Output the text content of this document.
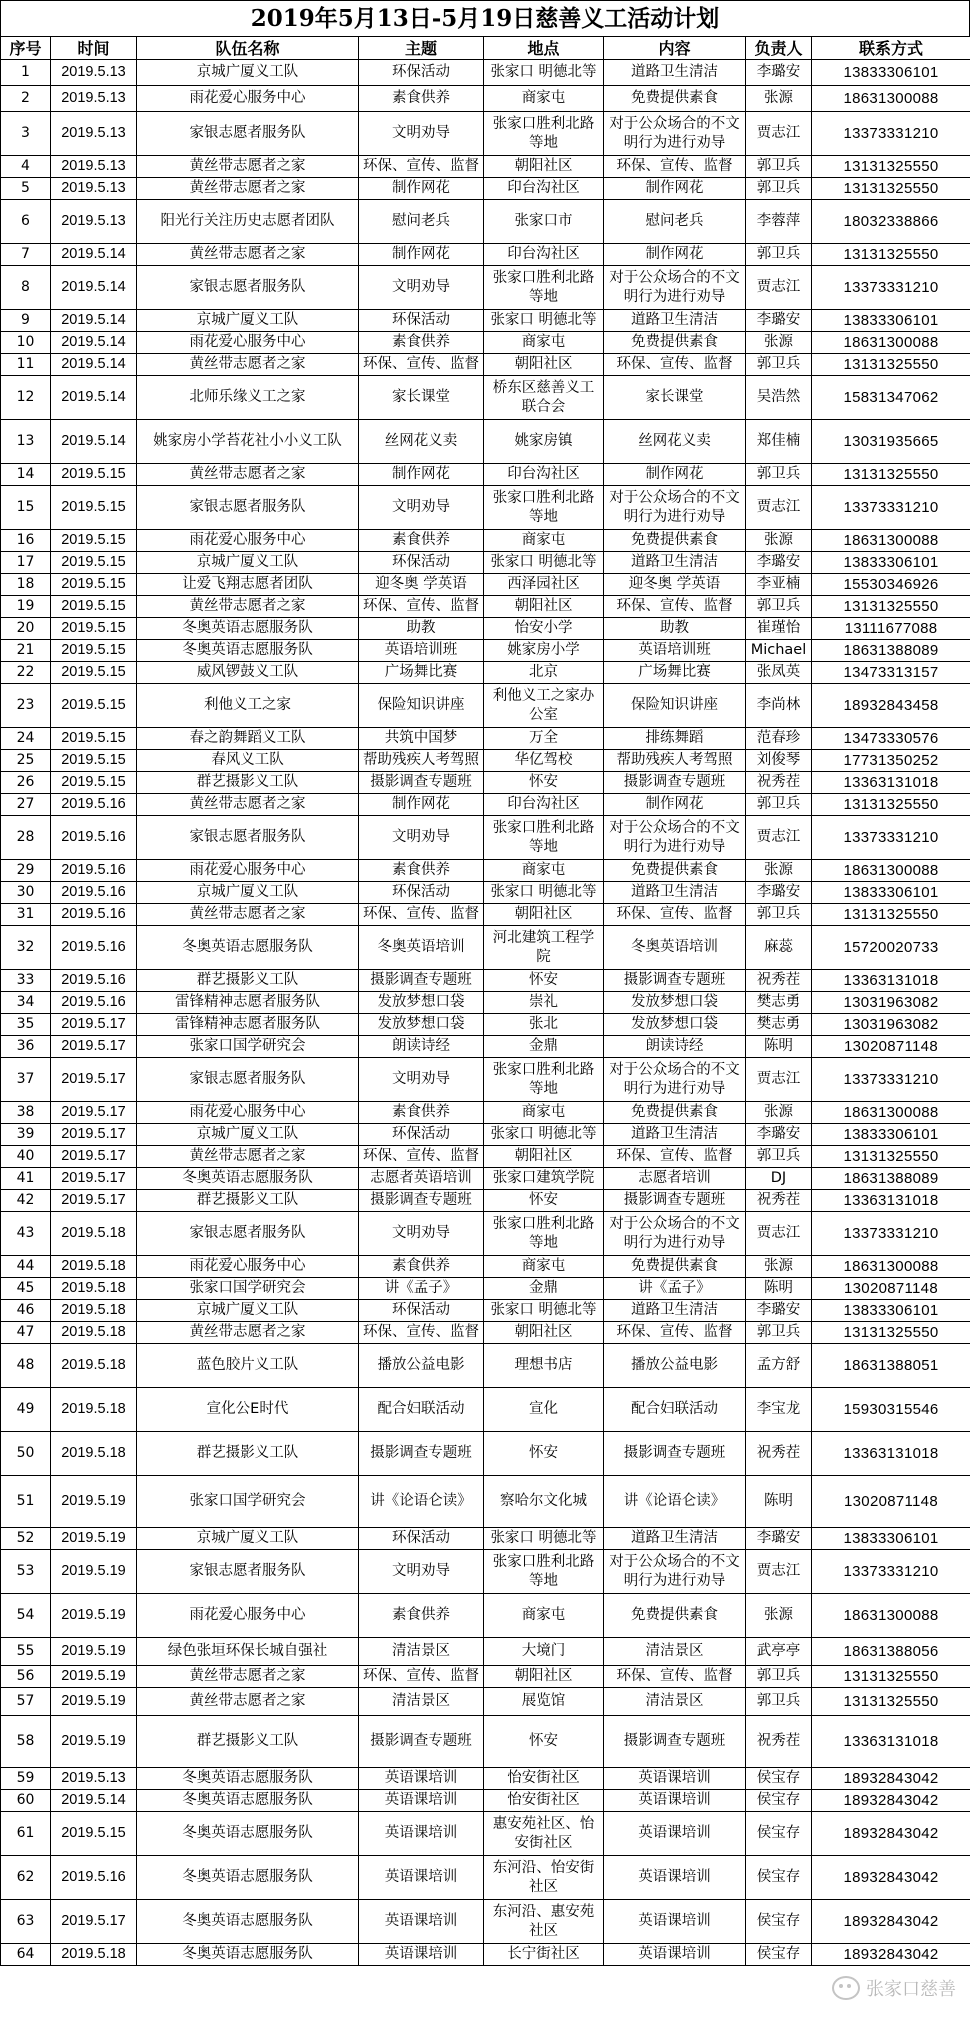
2019年5月13日-5月19日慈善义工活动计划
序号	时间	队伍名称	主题	地点	内容	负责人	联系方式
1	2019.5.13	京城广厦义工队	环保活动	张家口 明德北等	道路卫生清洁	李璐安	13833306101
2	2019.5.13	雨花爱心服务中心	素食供养	商家屯	免费提供素食	张源	18631300088
3	2019.5.13	家银志愿者服务队	文明劝导	张家口胜利北路等地	对于公众场合的不文明行为进行劝导	贾志江	13373331210
4	2019.5.13	黄丝带志愿者之家	环保、宣传、监督	朝阳社区	环保、宣传、监督	郭卫兵	13131325550
5	2019.5.13	黄丝带志愿者之家	制作网花	印台沟社区	制作网花	郭卫兵	13131325550
6	2019.5.13	阳光行关注历史志愿者团队	慰问老兵	张家口市	慰问老兵	李蓉萍	18032338866
7	2019.5.14	黄丝带志愿者之家	制作网花	印台沟社区	制作网花	郭卫兵	13131325550
8	2019.5.14	家银志愿者服务队	文明劝导	张家口胜利北路等地	对于公众场合的不文明行为进行劝导	贾志江	13373331210
9	2019.5.14	京城广厦义工队	环保活动	张家口 明德北等	道路卫生清洁	李璐安	13833306101
10	2019.5.14	雨花爱心服务中心	素食供养	商家屯	免费提供素食	张源	18631300088
11	2019.5.14	黄丝带志愿者之家	环保、宣传、监督	朝阳社区	环保、宣传、监督	郭卫兵	13131325550
12	2019.5.14	北师乐缘义工之家	家长课堂	桥东区慈善义工联合会	家长课堂	吴浩然	15831347062
13	2019.5.14	姚家房小学苔花社小小义工队	丝网花义卖	姚家房镇	丝网花义卖	郑佳楠	13031935665
14	2019.5.15	黄丝带志愿者之家	制作网花	印台沟社区	制作网花	郭卫兵	13131325550
15	2019.5.15	家银志愿者服务队	文明劝导	张家口胜利北路等地	对于公众场合的不文明行为进行劝导	贾志江	13373331210
16	2019.5.15	雨花爱心服务中心	素食供养	商家屯	免费提供素食	张源	18631300088
17	2019.5.15	京城广厦义工队	环保活动	张家口 明德北等	道路卫生清洁	李璐安	13833306101
18	2019.5.15	让爱飞翔志愿者团队	迎冬奥 学英语	西泽园社区	迎冬奥 学英语	李亚楠	15530346926
19	2019.5.15	黄丝带志愿者之家	环保、宣传、监督	朝阳社区	环保、宣传、监督	郭卫兵	13131325550
20	2019.5.15	冬奥英语志愿服务队	助教	怡安小学	助教	崔瑾怡	13111677088
21	2019.5.15	冬奥英语志愿服务队	英语培训班	姚家房小学	英语培训班	Michael	18631388089
22	2019.5.15	威风锣鼓义工队	广场舞比赛	北京	广场舞比赛	张凤英	13473313157
23	2019.5.15	利他义工之家	保险知识讲座	利他义工之家办公室	保险知识讲座	李尚林	18932843458
24	2019.5.15	春之韵舞蹈义工队	共筑中国梦	万全	排练舞蹈	范春珍	13473330576
25	2019.5.15	春风义工队	帮助残疾人考驾照	华亿驾校	帮助残疾人考驾照	刘俊琴	17731350252
26	2019.5.15	群艺摄影义工队	摄影调查专题班	怀安	摄影调查专题班	祝秀茬	13363131018
27	2019.5.16	黄丝带志愿者之家	制作网花	印台沟社区	制作网花	郭卫兵	13131325550
28	2019.5.16	家银志愿者服务队	文明劝导	张家口胜利北路等地	对于公众场合的不文明行为进行劝导	贾志江	13373331210
29	2019.5.16	雨花爱心服务中心	素食供养	商家屯	免费提供素食	张源	18631300088
30	2019.5.16	京城广厦义工队	环保活动	张家口 明德北等	道路卫生清洁	李璐安	13833306101
31	2019.5.16	黄丝带志愿者之家	环保、宣传、监督	朝阳社区	环保、宣传、监督	郭卫兵	13131325550
32	2019.5.16	冬奥英语志愿服务队	冬奥英语培训	河北建筑工程学院	冬奥英语培训	麻蕊	15720020733
33	2019.5.16	群艺摄影义工队	摄影调查专题班	怀安	摄影调查专题班	祝秀茬	13363131018
34	2019.5.16	雷锋精神志愿者服务队	发放梦想口袋	崇礼	发放梦想口袋	樊志勇	13031963082
35	2019.5.17	雷锋精神志愿者服务队	发放梦想口袋	张北	发放梦想口袋	樊志勇	13031963082
36	2019.5.17	张家口国学研究会	朗读诗经	金鼎	朗读诗经	陈明	13020871148
37	2019.5.17	家银志愿者服务队	文明劝导	张家口胜利北路等地	对于公众场合的不文明行为进行劝导	贾志江	13373331210
38	2019.5.17	雨花爱心服务中心	素食供养	商家屯	免费提供素食	张源	18631300088
39	2019.5.17	京城广厦义工队	环保活动	张家口 明德北等	道路卫生清洁	李璐安	13833306101
40	2019.5.17	黄丝带志愿者之家	环保、宣传、监督	朝阳社区	环保、宣传、监督	郭卫兵	13131325550
41	2019.5.17	冬奥英语志愿服务队	志愿者英语培训	张家口建筑学院	志愿者培训	DJ	18631388089
42	2019.5.17	群艺摄影义工队	摄影调查专题班	怀安	摄影调查专题班	祝秀茬	13363131018
43	2019.5.18	家银志愿者服务队	文明劝导	张家口胜利北路等地	对于公众场合的不文明行为进行劝导	贾志江	13373331210
44	2019.5.18	雨花爱心服务中心	素食供养	商家屯	免费提供素食	张源	18631300088
45	2019.5.18	张家口国学研究会	讲《孟子》	金鼎	讲《孟子》	陈明	13020871148
46	2019.5.18	京城广厦义工队	环保活动	张家口 明德北等	道路卫生清洁	李璐安	13833306101
47	2019.5.18	黄丝带志愿者之家	环保、宣传、监督	朝阳社区	环保、宣传、监督	郭卫兵	13131325550
48	2019.5.18	蓝色胶片义工队	播放公益电影	理想书店	播放公益电影	孟方舒	18631388051
49	2019.5.18	宣化公E时代	配合妇联活动	宣化	配合妇联活动	李宝龙	15930315546
50	2019.5.18	群艺摄影义工队	摄影调查专题班	怀安	摄影调查专题班	祝秀茬	13363131018
51	2019.5.19	张家口国学研究会	讲《论语仑读》	察哈尔文化城	讲《论语仑读》	陈明	13020871148
52	2019.5.19	京城广厦义工队	环保活动	张家口 明德北等	道路卫生清洁	李璐安	13833306101
53	2019.5.19	家银志愿者服务队	文明劝导	张家口胜利北路等地	对于公众场合的不文明行为进行劝导	贾志江	13373331210
54	2019.5.19	雨花爱心服务中心	素食供养	商家屯	免费提供素食	张源	18631300088
55	2019.5.19	绿色张垣环保长城自强社	清洁景区	大境门	清洁景区	武亭亭	18631388056
56	2019.5.19	黄丝带志愿者之家	环保、宣传、监督	朝阳社区	环保、宣传、监督	郭卫兵	13131325550
57	2019.5.19	黄丝带志愿者之家	清洁景区	展览馆	清洁景区	郭卫兵	13131325550
58	2019.5.19	群艺摄影义工队	摄影调查专题班	怀安	摄影调查专题班	祝秀茬	13363131018
59	2019.5.13	冬奥英语志愿服务队	英语课培训	怡安街社区	英语课培训	侯宝存	18932843042
60	2019.5.14	冬奥英语志愿服务队	英语课培训	怡安街社区	英语课培训	侯宝存	18932843042
61	2019.5.15	冬奥英语志愿服务队	英语课培训	惠安苑社区、怡安街社区	英语课培训	侯宝存	18932843042
62	2019.5.16	冬奥英语志愿服务队	英语课培训	东河沿、怡安街社区	英语课培训	侯宝存	18932843042
63	2019.5.17	冬奥英语志愿服务队	英语课培训	东河沿、惠安苑社区	英语课培训	侯宝存	18932843042
64	2019.5.18	冬奥英语志愿服务队	英语课培训	长宁街社区	英语课培训	侯宝存	18932843042
张家口慈善
